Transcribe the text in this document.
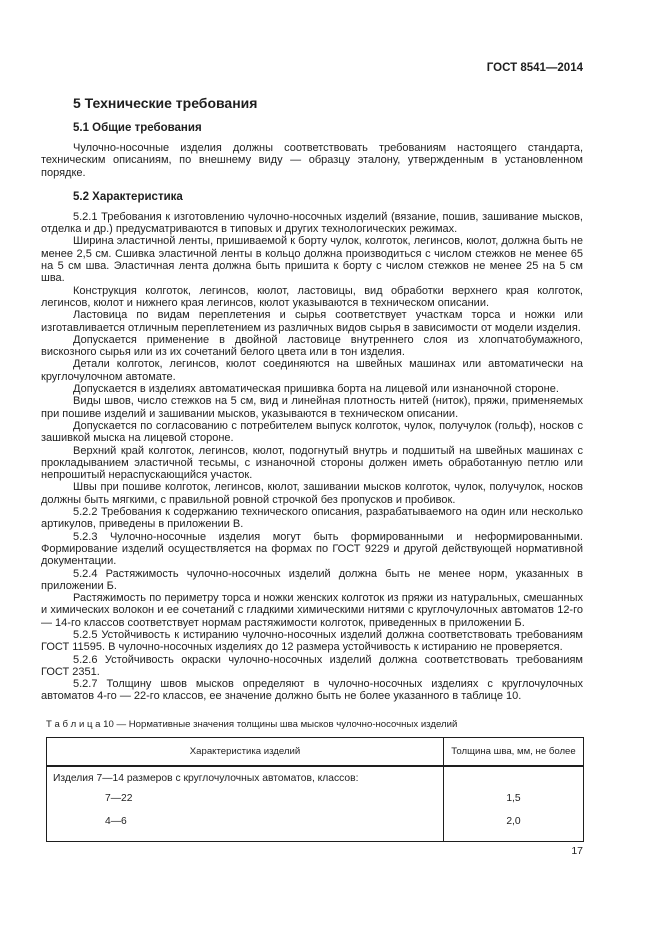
ГОСТ 8541—2014
5 Технические требования
5.1 Общие требования

Чулочно-носочные изделия должны соответствовать требованиям настоящего стандарта, техническим описаниям, по внешнему виду — образцу эталону, утвержденным в установленном порядке.

5.2 Характеристика

5.2.1 Требования к изготовлению чулочно-носочных изделий (вязание, пошив, зашивание мысков, отделка и др.) предусматриваются в типовых и других технологических режимах.

Ширина эластичной ленты, пришиваемой к борту чулок, колготок, легинсов, кюлот, должна быть не менее 2,5 см. Сшивка эластичной ленты в кольцо должна производиться с числом стежков не менее 65 на 5 см шва. Эластичная лента должна быть пришита к борту с числом стежков не менее 25 на 5 см шва.

Конструкция колготок, легинсов, кюлот, ластовицы, вид обработки верхнего края колготок, легинсов, кюлот и нижнего края легинсов, кюлот указываются в техническом описании.

Ластовица по видам переплетения и сырья соответствует участкам торса и ножки или изготавливается отличным переплетением из различных видов сырья в зависимости от модели изделия.

Допускается применение в двойной ластовице внутреннего слоя из хлопчатобумажного, вискозного сырья или из их сочетаний белого цвета или в тон изделия.

Детали колготок, легинсов, кюлот соединяются на швейных машинах или автоматически на круглочулочном автомате.

Допускается в изделиях автоматическая пришивка борта на лицевой или изнаночной стороне.

Виды швов, число стежков на 5 см, вид и линейная плотность нитей (ниток), пряжи, применяемых при пошиве изделий и зашивании мысков, указываются в техническом описании.

Допускается по согласованию с потребителем выпуск колготок, чулок, получулок (гольф), носков с зашивкой мыска на лицевой стороне.

Верхний край колготок, легинсов, кюлот, подогнутый внутрь и подшитый на швейных машинах с прокладыванием эластичной тесьмы, с изнаночной стороны должен иметь обработанную петлю или непрошитый нераспускающийся участок.

Швы при пошиве колготок, легинсов, кюлот, зашивании мысков колготок, чулок, получулок, носков должны быть мягкими, с правильной ровной строчкой без пропусков и пробивок.

5.2.2 Требования к содержанию технического описания, разрабатываемого на один или несколько артикулов, приведены в приложении В.

5.2.3 Чулочно-носочные изделия могут быть формированными и неформированными. Формирование изделий осуществляется на формах по ГОСТ 9229 и другой действующей нормативной документации.

5.2.4 Растяжимость чулочно-носочных изделий должна быть не менее норм, указанных в приложении Б.

Растяжимость по периметру торса и ножки женских колготок из пряжи из натуральных, смешанных и химических волокон и ее сочетаний с гладкими химическими нитями с круглочулочных автоматов 12-го — 14-го классов соответствует нормам растяжимости колготок, приведенных в приложении Б.

5.2.5 Устойчивость к истиранию чулочно-носочных изделий должна соответствовать требованиям ГОСТ 11595. В чулочно-носочных изделиях до 12 размера устойчивость к истиранию не проверяется.

5.2.6 Устойчивость окраски чулочно-носочных изделий должна соответствовать требованиям ГОСТ 2351.

5.2.7 Толщину швов мысков определяют в чулочно-носочных изделиях с круглочулочных автоматов 4-го — 22-го классов, ее значение должно быть не более указанного в таблице 10.

Т а б л и ц а 10 — Нормативные значения толщины шва мысков чулочно-носочных изделий
Характеристика изделий	Толщина шва, мм, не более
Изделия 7—14 размеров с круглочулочных автоматов, классов:	
7—22	1,5
4—6	2,0
17
